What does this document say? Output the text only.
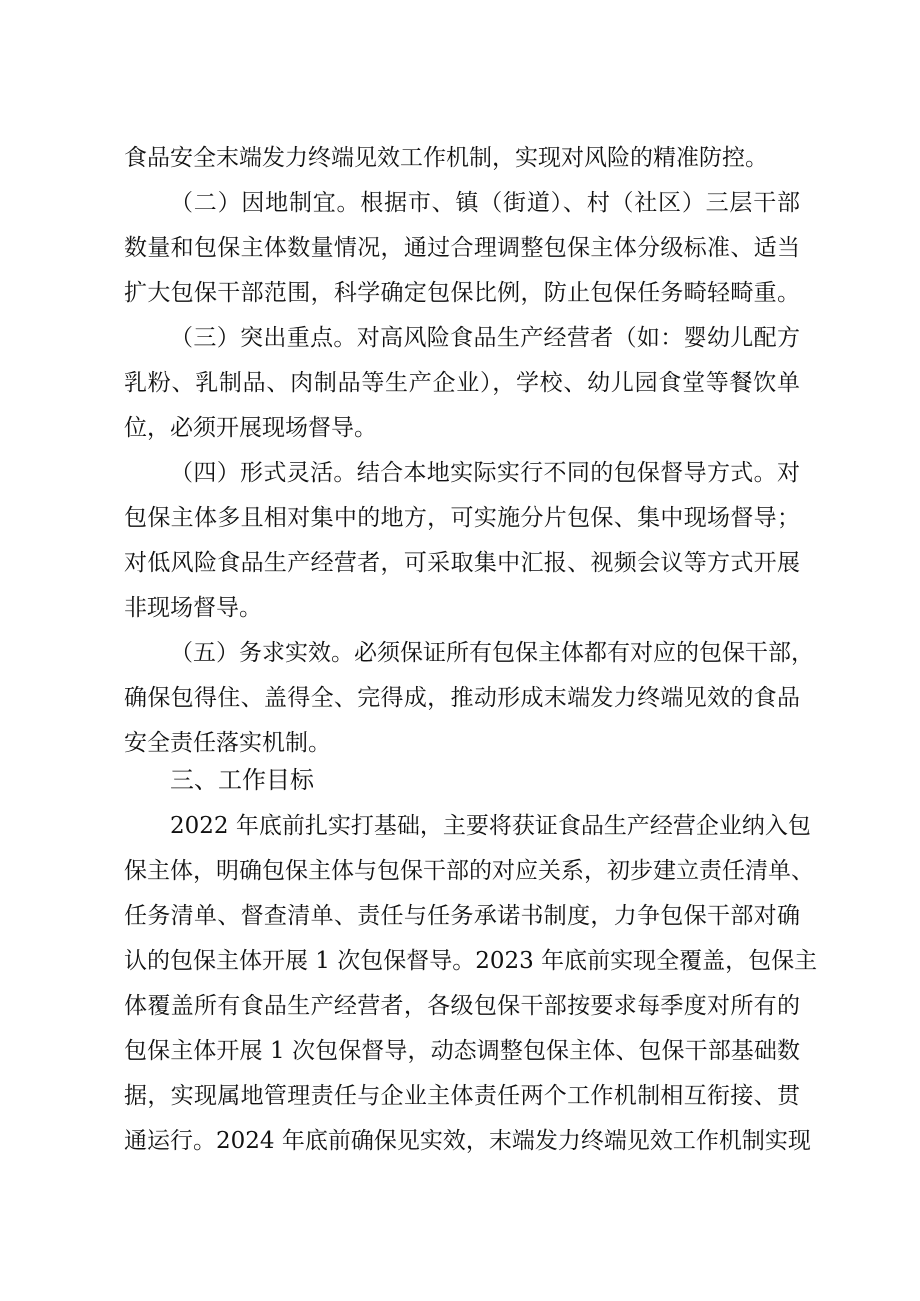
食品安全末端发力终端见效工作机制，实现对风险的精准防控。
（二）因地制宜。根据市、镇（街道）、村（社区）三层干部
数量和包保主体数量情况，通过合理调整包保主体分级标准、适当
扩大包保干部范围，科学确定包保比例，防止包保任务畸轻畸重。
（三）突出重点。对高风险食品生产经营者（如：婴幼儿配方
乳粉、乳制品、肉制品等生产企业），学校、幼儿园食堂等餐饮单
位，必须开展现场督导。
（四）形式灵活。结合本地实际实行不同的包保督导方式。对
包保主体多且相对集中的地方，可实施分片包保、集中现场督导；
对低风险食品生产经营者，可采取集中汇报、视频会议等方式开展
非现场督导。
（五）务求实效。必须保证所有包保主体都有对应的包保干部，
确保包得住、盖得全、完得成，推动形成末端发力终端见效的食品
安全责任落实机制。
三、工作目标
2022 年底前扎实打基础，主要将获证食品生产经营企业纳入包
保主体，明确包保主体与包保干部的对应关系，初步建立责任清单、
任务清单、督查清单、责任与任务承诺书制度，力争包保干部对确
认的包保主体开展 1 次包保督导。2023 年底前实现全覆盖，包保主
体覆盖所有食品生产经营者，各级包保干部按要求每季度对所有的
包保主体开展 1 次包保督导，动态调整包保主体、包保干部基础数
据，实现属地管理责任与企业主体责任两个工作机制相互衔接、贯
通运行。2024 年底前确保见实效，末端发力终端见效工作机制实现
